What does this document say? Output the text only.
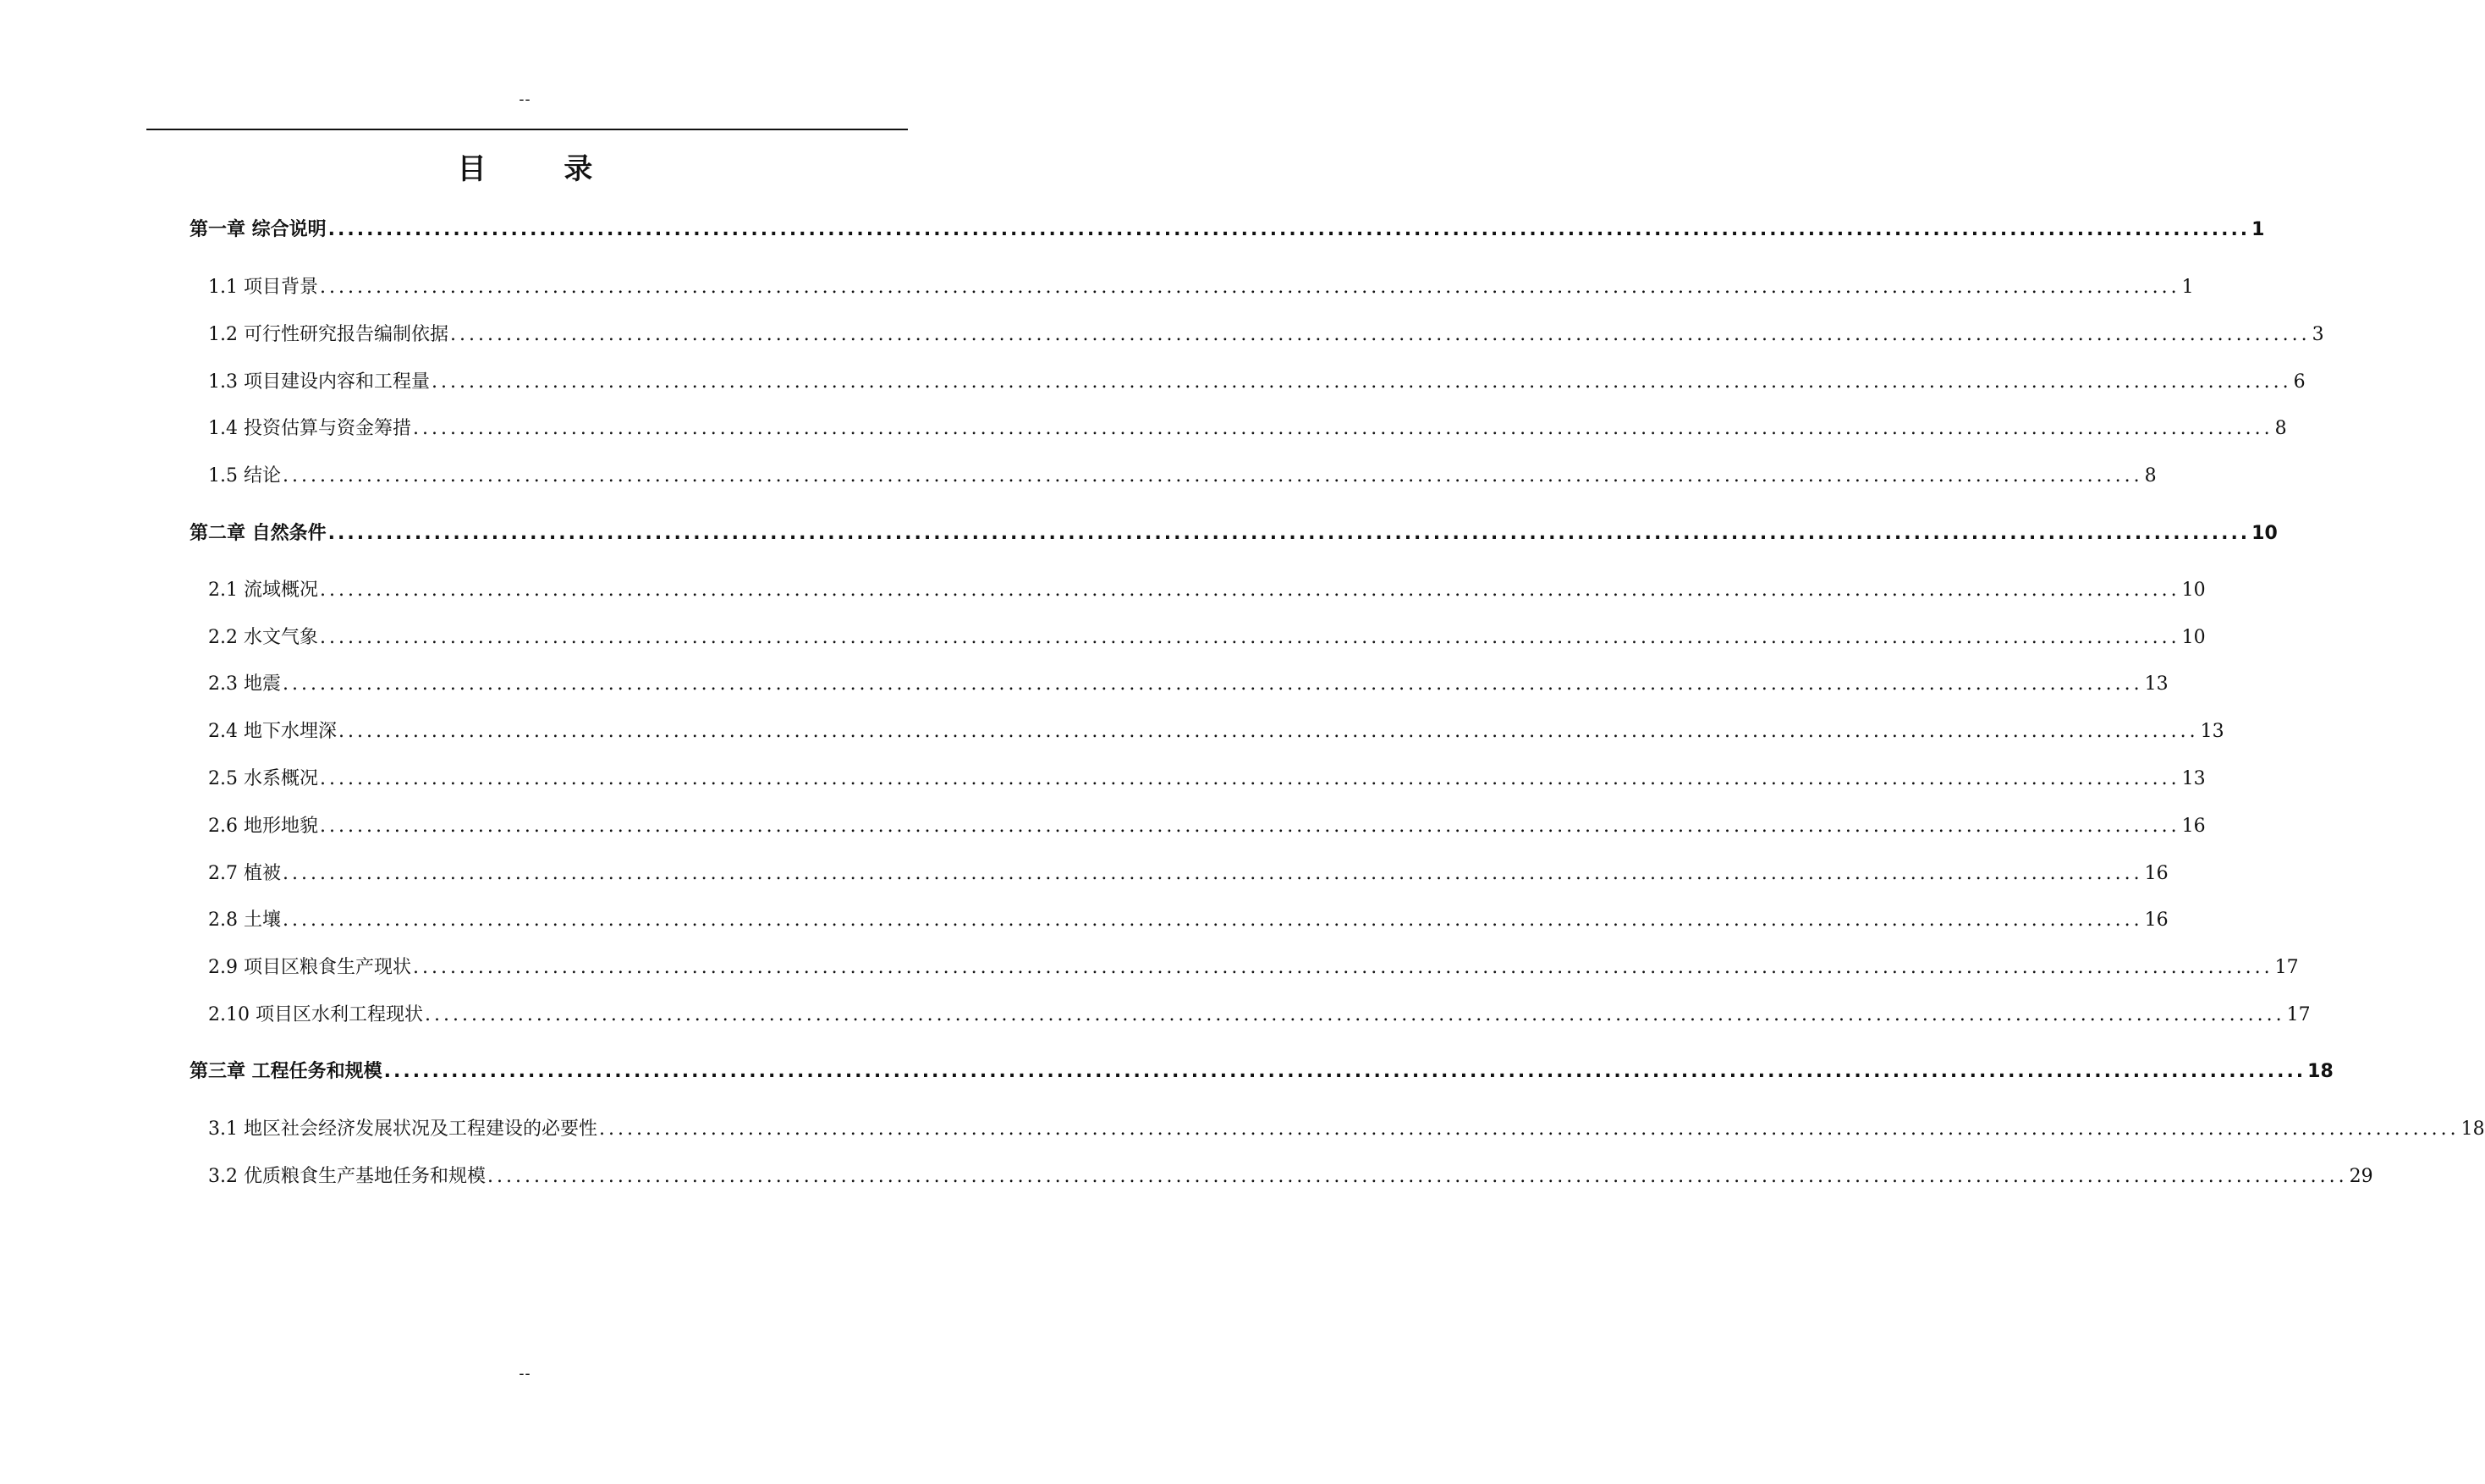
--
目 录
第一章 综合说明 ........................................................................................................................................................................................................ 1
1.1 项目背景 ........................................................................................................................................................................................................ 1
1.2 可行性研究报告编制依据 ........................................................................................................................................................................................................ 3
1.3 项目建设内容和工程量 ........................................................................................................................................................................................................ 6
1.4 投资估算与资金筹措 ........................................................................................................................................................................................................ 8
1.5 结论 ........................................................................................................................................................................................................ 8
第二章 自然条件 ........................................................................................................................................................................................................ 10
2.1 流域概况 ........................................................................................................................................................................................................ 10
2.2 水文气象 ........................................................................................................................................................................................................ 10
2.3 地震 ........................................................................................................................................................................................................ 13
2.4 地下水埋深 ........................................................................................................................................................................................................ 13
2.5 水系概况 ........................................................................................................................................................................................................ 13
2.6 地形地貌 ........................................................................................................................................................................................................ 16
2.7 植被 ........................................................................................................................................................................................................ 16
2.8 土壤 ........................................................................................................................................................................................................ 16
2.9 项目区粮食生产现状 ........................................................................................................................................................................................................ 17
2.10 项目区水利工程现状 ........................................................................................................................................................................................................ 17
第三章 工程任务和规模 ........................................................................................................................................................................................................ 18
3.1 地区社会经济发展状况及工程建设的必要性 ........................................................................................................................................................................................................ 18
3.2 优质粮食生产基地任务和规模 ........................................................................................................................................................................................................ 29
--
